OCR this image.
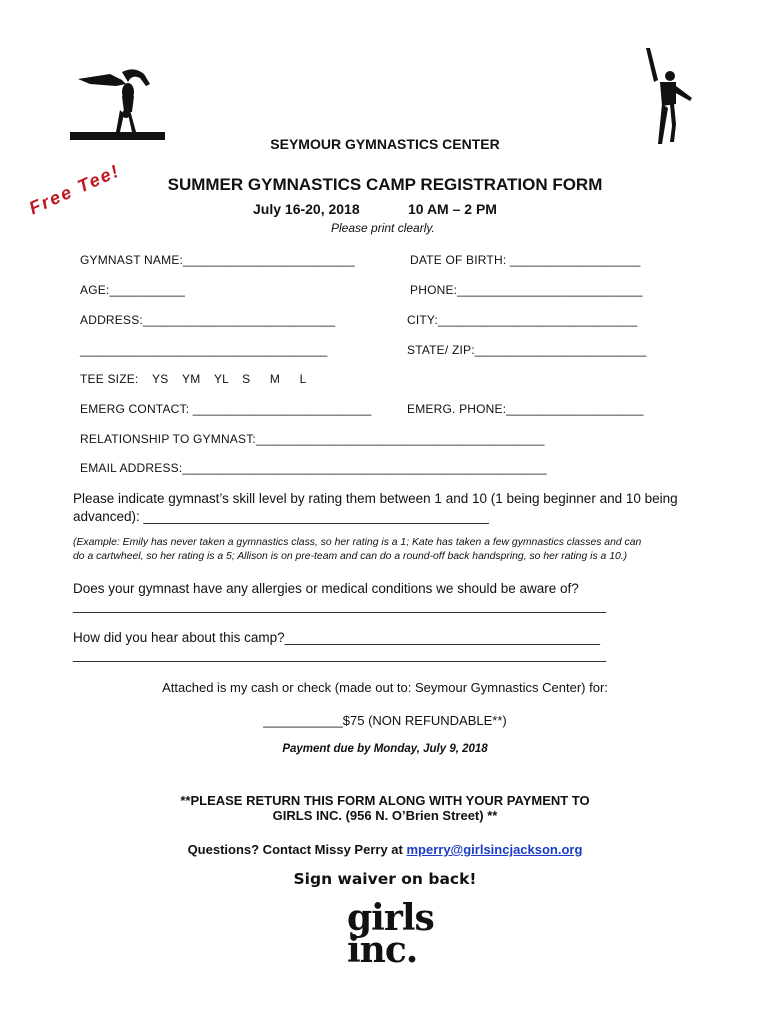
Free Tee!
SEYMOUR GYMNASTICS CENTER
SUMMER GYMNASTICS CAMP REGISTRATION FORM
July 16-20, 2018	10 AM – 2 PM
Please print clearly.
GYMNAST NAME:_________________________	DATE OF BIRTH: ___________________
AGE:___________	PHONE:___________________________
ADDRESS:____________________________	CITY:_____________________________
____________________________________	STATE/ ZIP:_________________________
TEE SIZE: YS YM YL S M L
EMERG CONTACT: __________________________	EMERG. PHONE:____________________
RELATIONSHIP TO GYMNAST:__________________________________________
EMAIL ADDRESS:_____________________________________________________
Please indicate gymnast’s skill level by rating them between 1 and 10 (1 being beginner and 10 being
advanced): ______________________________________________
(Example: Emily has never taken a gymnastics class, so her rating is a 1; Kate has taken a few gymnastics classes and can
do a cartwheel, so her rating is a 5; Allison is on pre-team and can do a round-off back handspring, so her rating is a 10.)
Does your gymnast have any allergies or medical conditions we should be aware of?
_______________________________________________________________________
How did you hear about this camp?__________________________________________
_______________________________________________________________________
Attached is my cash or check (made out to: Seymour Gymnastics Center) for:
___________$75 (NON REFUNDABLE**)
Payment due by Monday, July 9, 2018
**PLEASE RETURN THIS FORM ALONG WITH YOUR PAYMENT TO
GIRLS INC. (956 N. O’Brien Street) **
Questions? Contact Missy Perry at mperry@girlsincjackson.org
Sign waiver on back!
girls
inc.
